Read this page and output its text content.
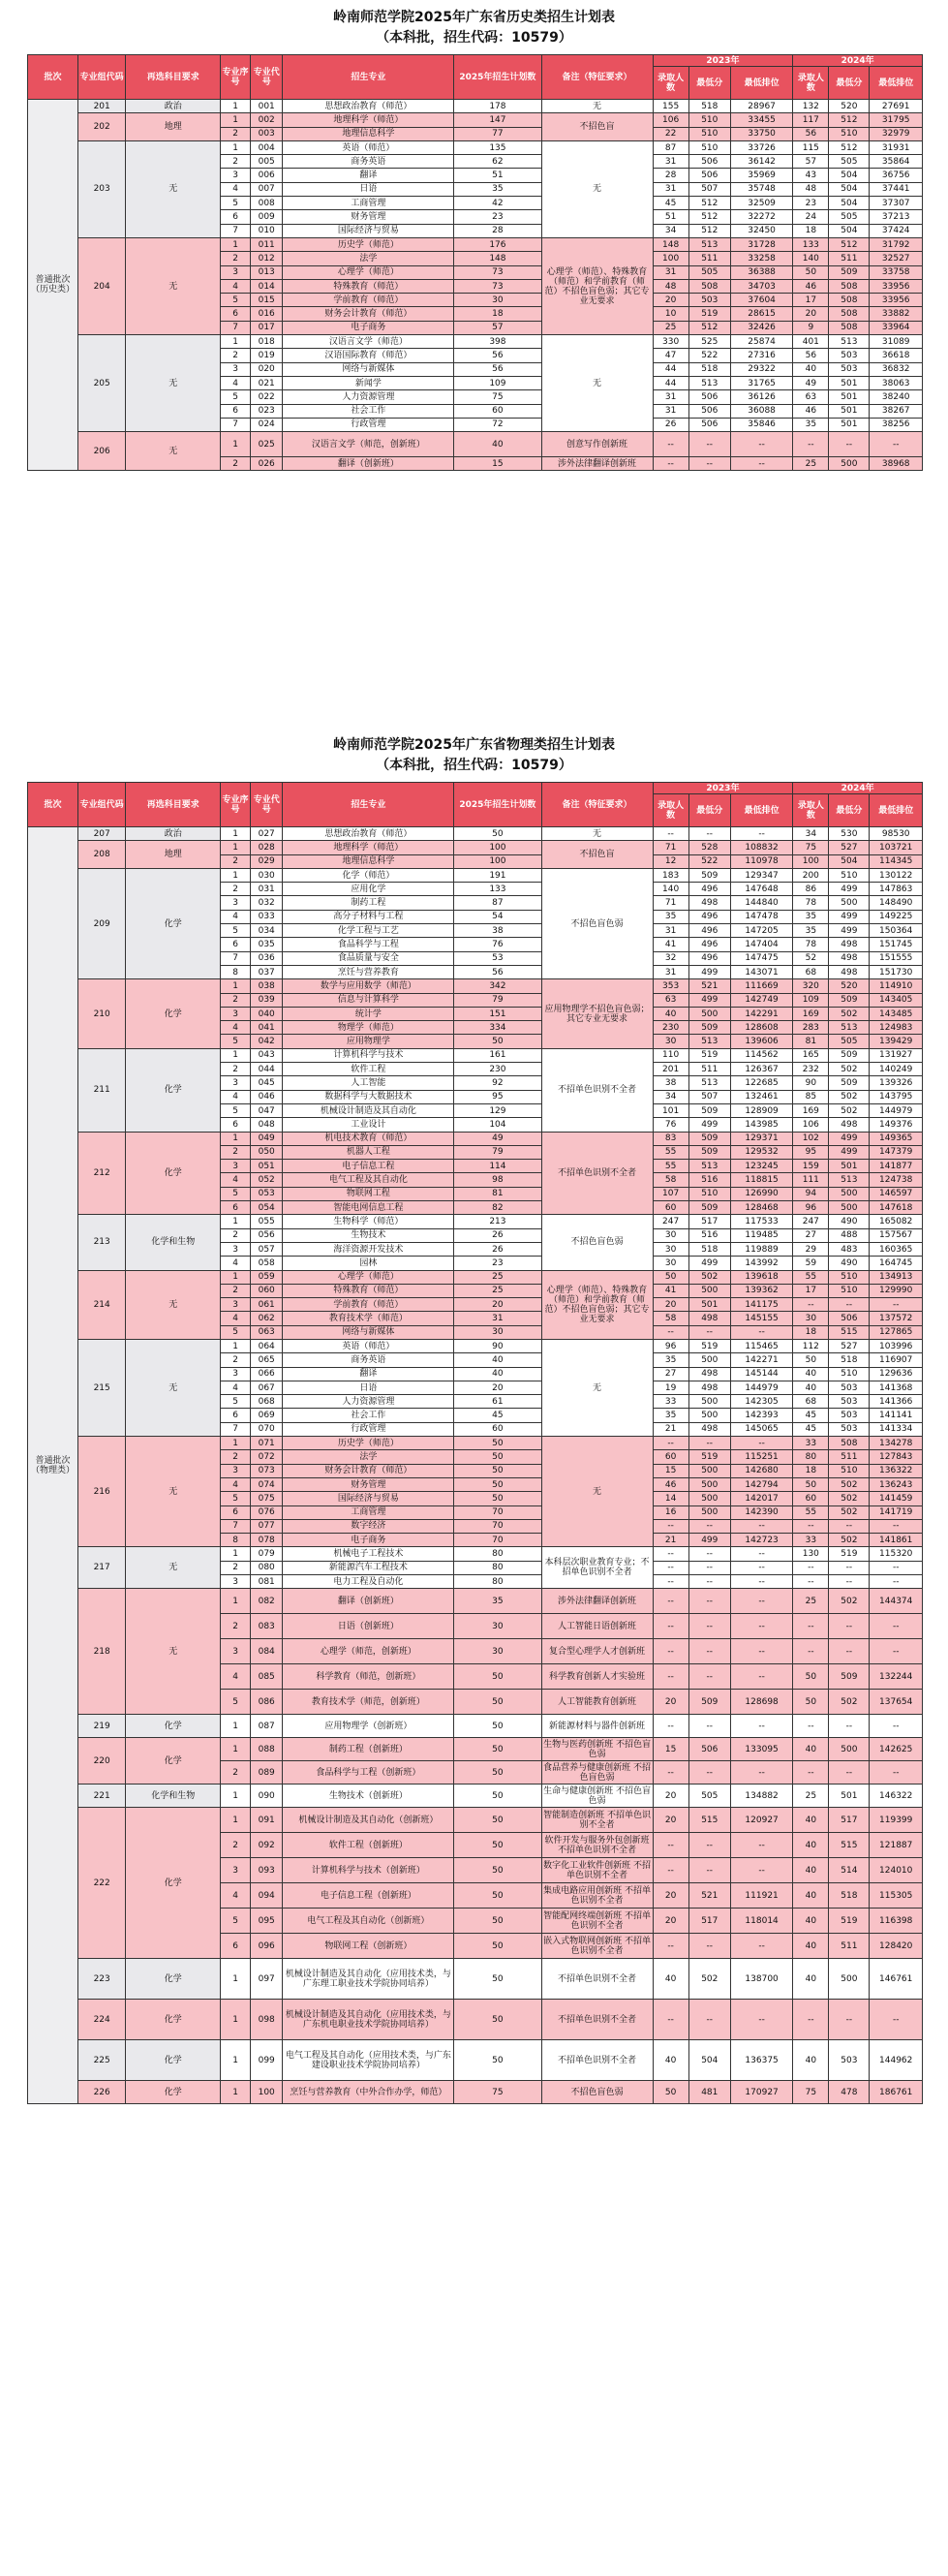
岭南师范学院2025年广东省历史类招生计划表
（本科批，招生代码：10579）
批次	专业组代码	再选科目要求	专业序号	专业代号	招生专业	2025年招生计划数	备注（特征要求）	2023年			2024年		
								录取人数	最低分	最低排位	录取人数	最低分	最低排位
普通批次（历史类）	201	政治	1	001	思想政治教育（师范）	178	无	155	518	28967	132	520	27691
	202	地理	1	002	地理科学（师范）	147	不招色盲	106	510	33455	117	512	31795
			2	003	地理信息科学	77		22	510	33750	56	510	32979
	203	无	1	004	英语（师范）	135	无	87	510	33726	115	512	31931
			2	005	商务英语	62		31	506	36142	57	505	35864
			3	006	翻译	51		28	506	35969	43	504	36756
			4	007	日语	35		31	507	35748	48	504	37441
			5	008	工商管理	42		45	512	32509	23	504	37307
			6	009	财务管理	23		51	512	32272	24	505	37213
			7	010	国际经济与贸易	28		34	512	32450	18	504	37424
	204	无	1	011	历史学（师范）	176	心理学（师范）、特殊教育（师范）和学前教育（师范）不招色盲色弱；其它专业无要求	148	513	31728	133	512	31792
			2	012	法学	148		100	511	33258	140	511	32527
			3	013	心理学（师范）	73		31	505	36388	50	509	33758
			4	014	特殊教育（师范）	73		48	508	34703	46	508	33956
			5	015	学前教育（师范）	30		20	503	37604	17	508	33956
			6	016	财务会计教育（师范）	18		10	519	28615	20	508	33882
			7	017	电子商务	57		25	512	32426	9	508	33964
	205	无	1	018	汉语言文学（师范）	398	无	330	525	25874	401	513	31089
			2	019	汉语国际教育（师范）	56		47	522	27316	56	503	36618
			3	020	网络与新媒体	56		44	518	29322	40	503	36832
			4	021	新闻学	109		44	513	31765	49	501	38063
			5	022	人力资源管理	75		31	506	36126	63	501	38240
			6	023	社会工作	60		31	506	36088	46	501	38267
			7	024	行政管理	72		26	506	35846	35	501	38256
	206	无	1	025	汉语言文学（师范，创新班）	40	创意写作创新班	--	--	--	--	--	--
			2	026	翻译（创新班）	15	涉外法律翻译创新班	--	--	--	25	500	38968
岭南师范学院2025年广东省物理类招生计划表
（本科批，招生代码：10579）
批次	专业组代码	再选科目要求	专业序号	专业代号	招生专业	2025年招生计划数	备注（特征要求）	2023年			2024年		
								录取人数	最低分	最低排位	录取人数	最低分	最低排位
普通批次（物理类）	207	政治	1	027	思想政治教育（师范）	50	无	--	--	--	34	530	98530
	208	地理	1	028	地理科学（师范）	100	不招色盲	71	528	108832	75	527	103721
			2	029	地理信息科学	100		12	522	110978	100	504	114345
	209	化学	1	030	化学（师范）	191	不招色盲色弱	183	509	129347	200	510	130122
			2	031	应用化学	133		140	496	147648	86	499	147863
			3	032	制药工程	87		71	498	144840	78	500	148490
			4	033	高分子材料与工程	54		35	496	147478	35	499	149225
			5	034	化学工程与工艺	38		31	496	147205	35	499	150364
			6	035	食品科学与工程	76		41	496	147404	78	498	151745
			7	036	食品质量与安全	53		32	496	147475	52	498	151555
			8	037	烹饪与营养教育	56		31	499	143071	68	498	151730
	210	化学	1	038	数学与应用数学（师范）	342	应用物理学不招色盲色弱；其它专业无要求	353	521	111669	320	520	114910
			2	039	信息与计算科学	79		63	499	142749	109	509	143405
			3	040	统计学	151		40	500	142291	169	502	143485
			4	041	物理学（师范）	334		230	509	128608	283	513	124983
			5	042	应用物理学	50		30	513	139606	81	505	139429
	211	化学	1	043	计算机科学与技术	161	不招单色识别不全者	110	519	114562	165	509	131927
			2	044	软件工程	230		201	511	126367	232	502	140249
			3	045	人工智能	92		38	513	122685	90	509	139326
			4	046	数据科学与大数据技术	95		34	507	132461	85	502	143795
			5	047	机械设计制造及其自动化	129		101	509	128909	169	502	144979
			6	048	工业设计	104		76	499	143985	106	498	149376
	212	化学	1	049	机电技术教育（师范）	49	不招单色识别不全者	83	509	129371	102	499	149365
			2	050	机器人工程	79		55	509	129532	95	499	147379
			3	051	电子信息工程	114		55	513	123245	159	501	141877
			4	052	电气工程及其自动化	98		58	516	118815	111	513	124738
			5	053	物联网工程	81		107	510	126990	94	500	146597
			6	054	智能电网信息工程	82		60	509	128468	96	500	147618
	213	化学和生物	1	055	生物科学（师范）	213	不招色盲色弱	247	517	117533	247	490	165082
			2	056	生物技术	26		30	516	119485	27	488	157567
			3	057	海洋资源开发技术	26		30	518	119889	29	483	160365
			4	058	园林	23		30	499	143992	59	490	164745
	214	无	1	059	心理学（师范）	25	心理学（师范）、特殊教育（师范）和学前教育（师范）不招色盲色弱；其它专业无要求	50	502	139618	55	510	134913
			2	060	特殊教育（师范）	25		41	500	139362	17	510	129990
			3	061	学前教育（师范）	20		20	501	141175	--	--	--
			4	062	教育技术学（师范）	31		58	498	145155	30	506	137572
			5	063	网络与新媒体	30		--	--	--	18	515	127865
	215	无	1	064	英语（师范）	90	无	96	519	115465	112	527	103996
			2	065	商务英语	40		35	500	142271	50	518	116907
			3	066	翻译	40		27	498	145144	40	510	129636
			4	067	日语	20		19	498	144979	40	503	141368
			5	068	人力资源管理	61		33	500	142305	68	503	141366
			6	069	社会工作	45		35	500	142393	45	503	141141
			7	070	行政管理	60		21	498	145065	45	503	141334
	216	无	1	071	历史学（师范）	50	无	--	--	--	33	508	134278
			2	072	法学	50		60	519	115251	80	511	127843
			3	073	财务会计教育（师范）	50		15	500	142680	18	510	136322
			4	074	财务管理	50		46	500	142794	50	502	136243
			5	075	国际经济与贸易	50		14	500	142017	60	502	141459
			6	076	工商管理	70		16	500	142390	55	502	141719
			7	077	数字经济	70		--	--	--	--	--	--
			8	078	电子商务	70		21	499	142723	33	502	141861
	217	无	1	079	机械电子工程技术	80	本科层次职业教育专业；不招单色识别不全者	--	--	--	130	519	115320
			2	080	新能源汽车工程技术	80		--	--	--	--	--	--
			3	081	电力工程及自动化	80		--	--	--	--	--	--
	218	无	1	082	翻译（创新班）	35	涉外法律翻译创新班	--	--	--	25	502	144374
			2	083	日语（创新班）	30	人工智能日语创新班	--	--	--	--	--	--
			3	084	心理学（师范，创新班）	30	复合型心理学人才创新班	--	--	--	--	--	--
			4	085	科学教育（师范，创新班）	50	科学教育创新人才实验班	--	--	--	50	509	132244
			5	086	教育技术学（师范，创新班）	50	人工智能教育创新班	20	509	128698	50	502	137654
	219	化学	1	087	应用物理学（创新班）	50	新能源材料与器件创新班	--	--	--	--	--	--
	220	化学	1	088	制药工程（创新班）	50	生物与医药创新班 不招色盲色弱	15	506	133095	40	500	142625
			2	089	食品科学与工程（创新班）	50	食品营养与健康创新班 不招色盲色弱	--	--	--	--	--	--
	221	化学和生物	1	090	生物技术（创新班）	50	生命与健康创新班 不招色盲色弱	20	505	134882	25	501	146322
	222	化学	1	091	机械设计制造及其自动化（创新班）	50	智能制造创新班 不招单色识别不全者	20	515	120927	40	517	119399
			2	092	软件工程（创新班）	50	软件开发与服务外包创新班 不招单色识别不全者	--	--	--	40	515	121887
			3	093	计算机科学与技术（创新班）	50	数字化工业软件创新班 不招单色识别不全者	--	--	--	40	514	124010
			4	094	电子信息工程（创新班）	50	集成电路应用创新班 不招单色识别不全者	20	521	111921	40	518	115305
			5	095	电气工程及其自动化（创新班）	50	智能配网终端创新班 不招单色识别不全者	20	517	118014	40	519	116398
			6	096	物联网工程（创新班）	50	嵌入式物联网创新班 不招单色识别不全者	--	--	--	40	511	128420
	223	化学	1	097	机械设计制造及其自动化（应用技术类，与广东理工职业技术学院协同培养）	50	不招单色识别不全者	40	502	138700	40	500	146761
	224	化学	1	098	机械设计制造及其自动化（应用技术类，与广东机电职业技术学院协同培养）	50	不招单色识别不全者	--	--	--	--	--	--
	225	化学	1	099	电气工程及其自动化（应用技术类，与广东建设职业技术学院协同培养）	50	不招单色识别不全者	40	504	136375	40	503	144962
	226	化学	1	100	烹饪与营养教育（中外合作办学，师范）	75	不招色盲色弱	50	481	170927	75	478	186761
